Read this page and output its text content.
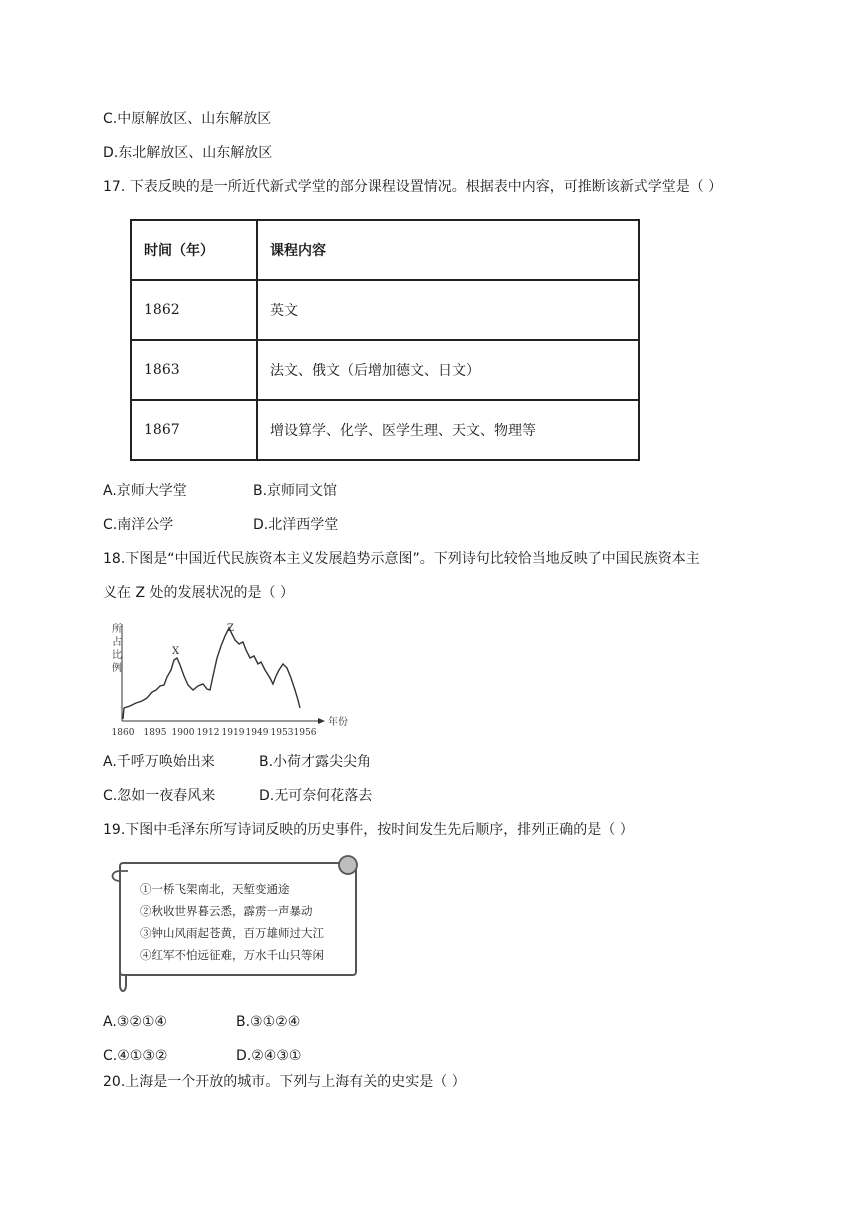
C.中原解放区、山东解放区
D.东北解放区、山东解放区
17. 下表反映的是一所近代新式学堂的部分课程设置情况。根据表中内容，可推断该新式学堂是（ ）
时间（年）	课程内容
1862	英文
1863	法文、俄文（后增加德文、日文）
1867	增设算学、化学、医学生理、天文、物理等
A.京师大学堂	B.京师同文馆
C.南洋公学	D.北洋西学堂
18.下图是“中国近代民族资本主义发展趋势示意图”。下列诗句比较恰当地反映了中国民族资本主
义在 Z 处的发展状况的是（ ）
所
占
比
例
X
Z
年份
1860 1895 1900 1912 1919 1949 1953 1956
A.千呼万唤始出来	B.小荷才露尖尖角
C.忽如一夜春风来	D.无可奈何花落去
19.下图中毛泽东所写诗词反映的历史事件，按时间发生先后顺序，排列正确的是（ ）
①一桥飞架南北，天堑变通途
②秋收世界暮云悉，霹雳一声暴动
③钟山风雨起苍黄，百万雄师过大江
④红军不怕远征难，万水千山只等闲
A.③②①④	B.③①②④
C.④①③②	D.②④③①
20.上海是一个开放的城市。下列与上海有关的史实是（ ）
